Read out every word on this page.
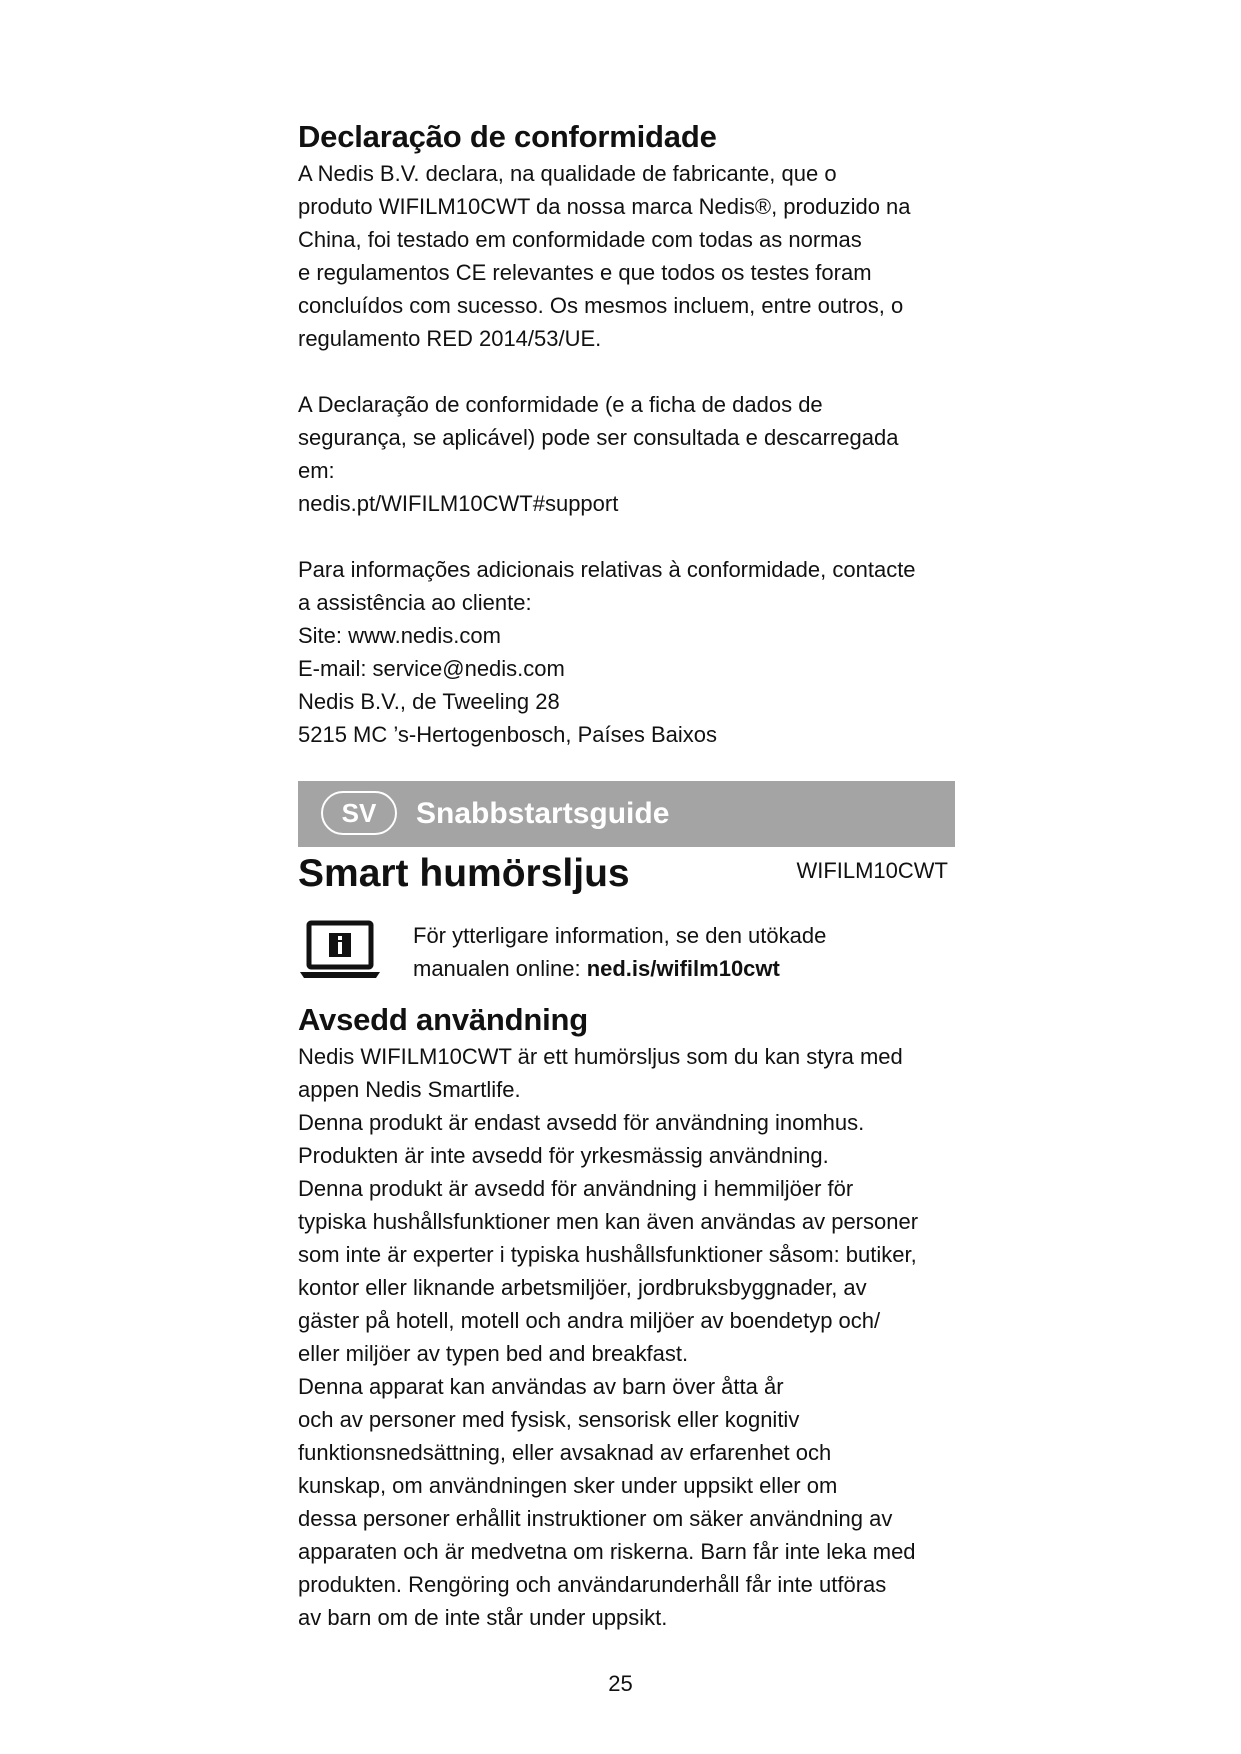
Declaração de conformidade
A Nedis B.V. declara, na qualidade de fabricante, que o
produto WIFILM10CWT da nossa marca Nedis®, produzido na
China, foi testado em conformidade com todas as normas
e regulamentos CE relevantes e que todos os testes foram
concluídos com sucesso. Os mesmos incluem, entre outros, o
regulamento RED 2014/53/UE.
A Declaração de conformidade (e a ficha de dados de
segurança, se aplicável) pode ser consultada e descarregada
em:
nedis.pt/WIFILM10CWT#support
Para informações adicionais relativas à conformidade, contacte
a assistência ao cliente:
Site: www.nedis.com
E-mail: service@nedis.com
Nedis B.V., de Tweeling 28
5215 MC ’s-Hertogenbosch, Países Baixos
SV	Snabbstartsguide
Smart humörsljus	WIFILM10CWT
För ytterligare information, se den utökade
manualen online: ned.is/wifilm10cwt
Avsedd användning
Nedis WIFILM10CWT är ett humörsljus som du kan styra med
appen Nedis Smartlife.
Denna produkt är endast avsedd för användning inomhus.
Produkten är inte avsedd för yrkesmässig användning.
Denna produkt är avsedd för användning i hemmiljöer för
typiska hushållsfunktioner men kan även användas av personer
som inte är experter i typiska hushållsfunktioner såsom: butiker,
kontor eller liknande arbetsmiljöer, jordbruksbyggnader, av
gäster på hotell, motell och andra miljöer av boendetyp och/
eller miljöer av typen bed and breakfast.
Denna apparat kan användas av barn över åtta år
och av personer med fysisk, sensorisk eller kognitiv
funktionsnedsättning, eller avsaknad av erfarenhet och
kunskap, om användningen sker under uppsikt eller om
dessa personer erhållit instruktioner om säker användning av
apparaten och är medvetna om riskerna. Barn får inte leka med
produkten. Rengöring och användarunderhåll får inte utföras
av barn om de inte står under uppsikt.
25
